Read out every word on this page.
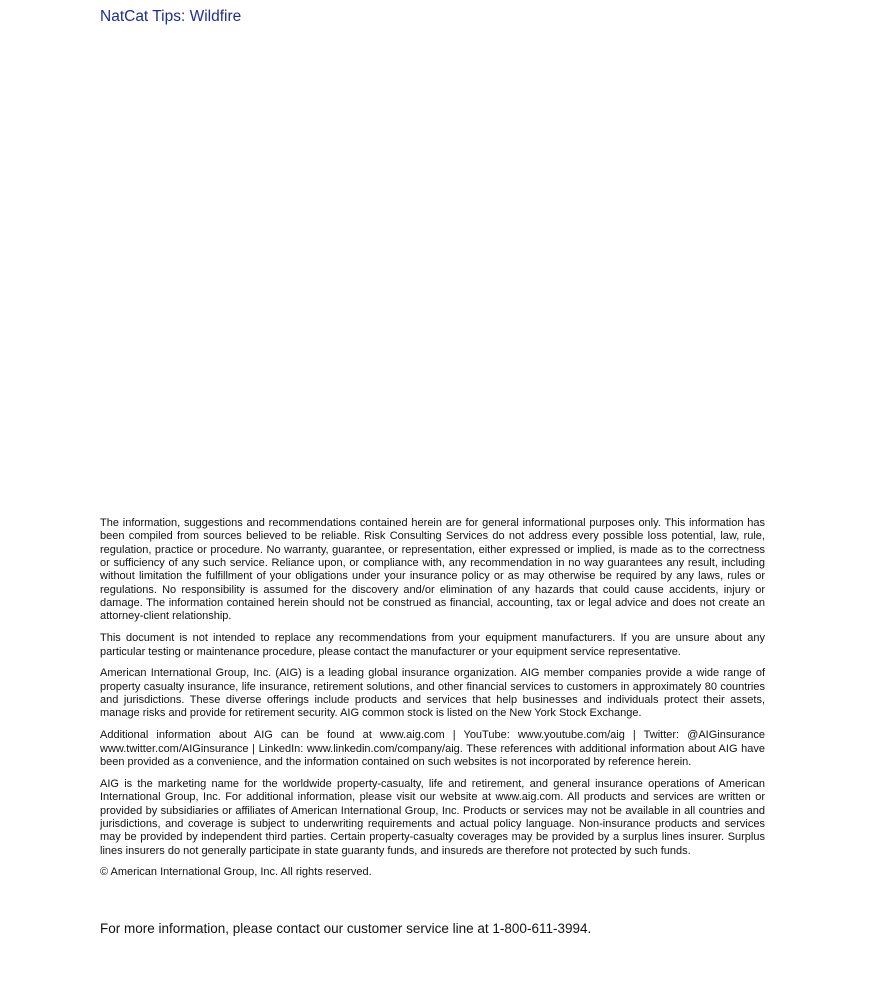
NatCat Tips: Wildfire

The information, suggestions and recommendations contained herein are for general informational purposes only. This information has been compiled from sources believed to be reliable. Risk Consulting Services do not address every possible loss potential, law, rule, regulation, practice or procedure. No warranty, guarantee, or representation, either expressed or implied, is made as to the correctness or sufficiency of any such service. Reliance upon, or compliance with, any recommendation in no way guarantees any result, including without limitation the fulfillment of your obligations under your insurance policy or as may otherwise be required by any laws, rules or regulations. No responsibility is assumed for the discovery and/or elimination of any hazards that could cause accidents, injury or damage. The information contained herein should not be construed as financial, accounting, tax or legal advice and does not create an attorney-client relationship.

This document is not intended to replace any recommendations from your equipment manufacturers. If you are unsure about any particular testing or maintenance procedure, please contact the manufacturer or your equipment service representative.

American International Group, Inc. (AIG) is a leading global insurance organization. AIG member companies provide a wide range of property casualty insurance, life insurance, retirement solutions, and other financial services to customers in approximately 80 countries and jurisdictions. These diverse offerings include products and services that help businesses and individuals protect their assets, manage risks and provide for retirement security. AIG common stock is listed on the New York Stock Exchange.

Additional information about AIG can be found at www.aig.com | YouTube: www.youtube.com/aig | Twitter: @AIGinsurance www.twitter.com/AIGinsurance | LinkedIn: www.linkedin.com/company/aig. These references with additional information about AIG have been provided as a convenience, and the information contained on such websites is not incorporated by reference herein.

AIG is the marketing name for the worldwide property-casualty, life and retirement, and general insurance operations of American International Group, Inc. For additional information, please visit our website at www.aig.com. All products and services are written or provided by subsidiaries or affiliates of American International Group, Inc. Products or services may not be available in all countries and jurisdictions, and coverage is subject to underwriting requirements and actual policy language. Non-insurance products and services may be provided by independent third parties. Certain property-casualty coverages may be provided by a surplus lines insurer. Surplus lines insurers do not generally participate in state guaranty funds, and insureds are therefore not protected by such funds.

© American International Group, Inc. All rights reserved.

For more information, please contact our customer service line at 1-800-611-3994.
